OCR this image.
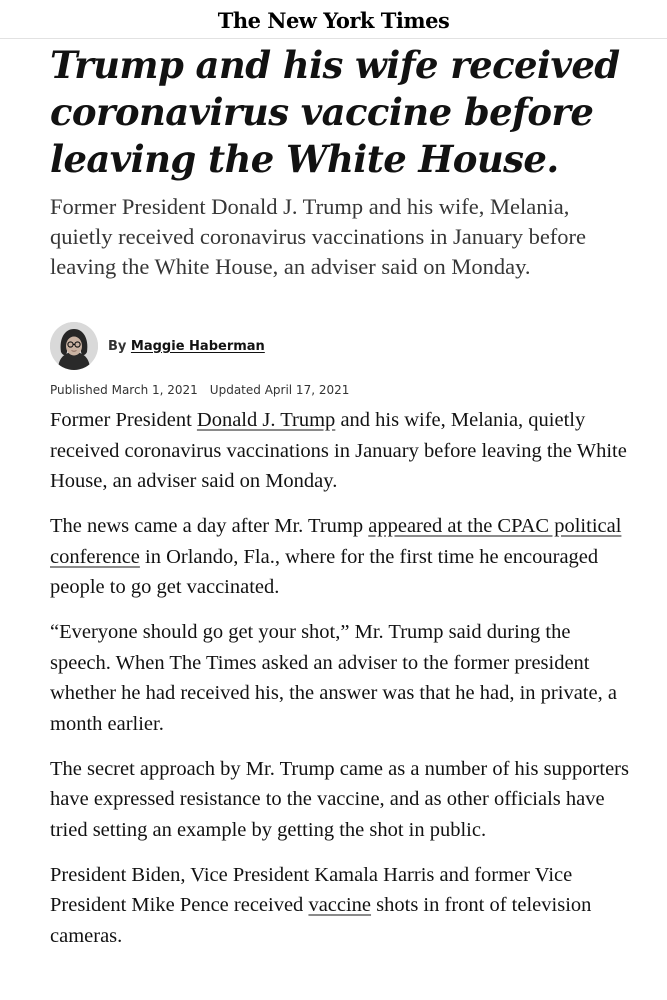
The New York Times
Trump and his wife received coronavirus vaccine before leaving the White House.

Former President Donald J. Trump and his wife, Melania, quietly received coronavirus vaccinations in January before leaving the White House, an adviser said on Monday.

By Maggie Haberman
Published March 1, 2021 Updated April 17, 2021

Former President Donald J. Trump and his wife, Melania, quietly received coronavirus vaccinations in January before leaving the White House, an adviser said on Monday.

The news came a day after Mr. Trump appeared at the CPAC political conference in Orlando, Fla., where for the first time he encouraged people to go get vaccinated.

“Everyone should go get your shot,” Mr. Trump said during the speech. When The Times asked an adviser to the former president whether he had received his, the answer was that he had, in private, a month earlier.

The secret approach by Mr. Trump came as a number of his supporters have expressed resistance to the vaccine, and as other officials have tried setting an example by getting the shot in public.

President Biden, Vice President Kamala Harris and former Vice President Mike Pence received vaccine shots in front of television cameras.
